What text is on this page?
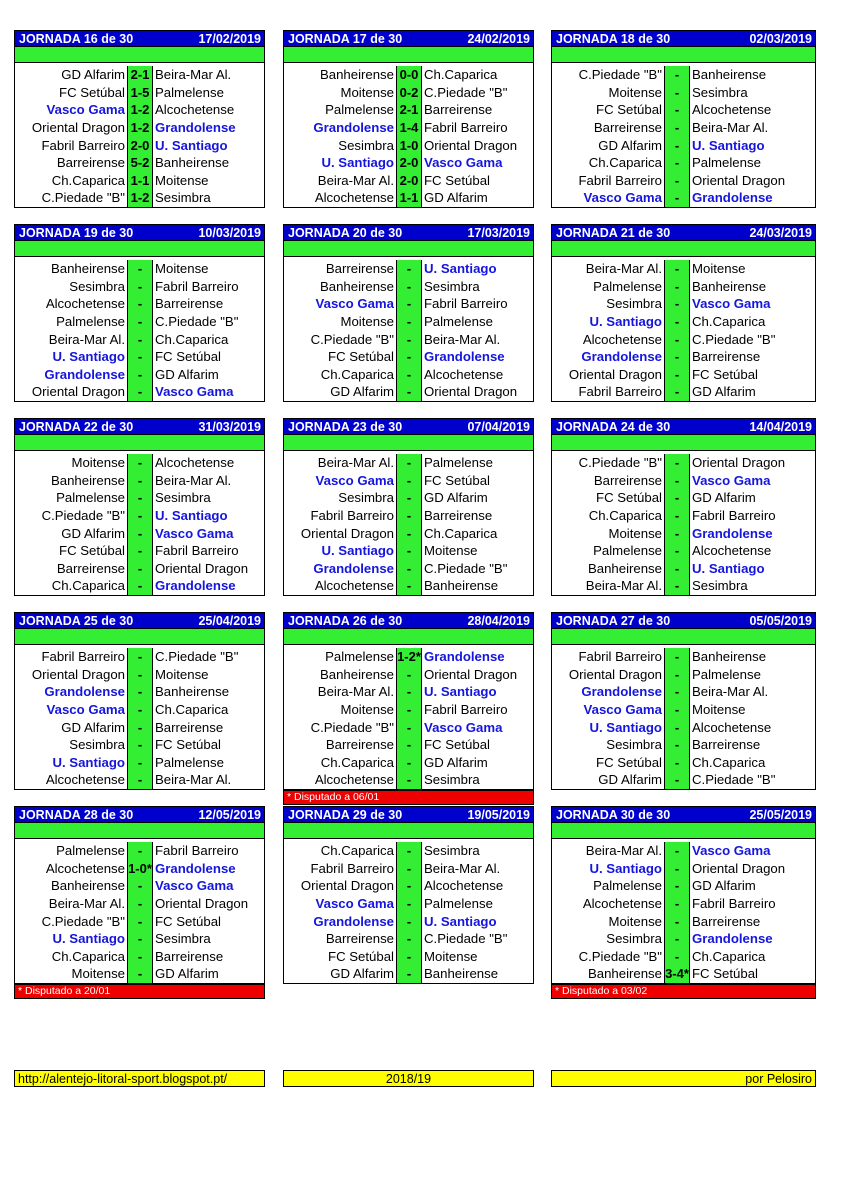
JORNADA 16 de 30	17/02/2019
GD Alfarim 2-1 Beira-Mar Al.
FC Setúbal 1-5 Palmelense
Vasco Gama 1-2 Alcochetense
Oriental Dragon 1-2 Grandolense
Fabril Barreiro 2-0 U. Santiago
Barreirense 5-2 Banheirense
Ch.Caparica 1-1 Moitense
C.Piedade "B" 1-2 Sesimbra
JORNADA 17 de 30	24/02/2019
Banheirense 0-0 Ch.Caparica
Moitense 0-2 C.Piedade "B"
Palmelense 2-1 Barreirense
Grandolense 1-4 Fabril Barreiro
Sesimbra 1-0 Oriental Dragon
U. Santiago 2-0 Vasco Gama
Beira-Mar Al. 2-0 FC Setúbal
Alcochetense 1-1 GD Alfarim
JORNADA 18 de 30	02/03/2019
C.Piedade "B" - Banheirense
Moitense - Sesimbra
FC Setúbal - Alcochetense
Barreirense - Beira-Mar Al.
GD Alfarim - U. Santiago
Ch.Caparica - Palmelense
Fabril Barreiro - Oriental Dragon
Vasco Gama - Grandolense
JORNADA 19 de 30	10/03/2019
Banheirense - Moitense
Sesimbra - Fabril Barreiro
Alcochetense - Barreirense
Palmelense - C.Piedade "B"
Beira-Mar Al. - Ch.Caparica
U. Santiago - FC Setúbal
Grandolense - GD Alfarim
Oriental Dragon - Vasco Gama
JORNADA 20 de 30	17/03/2019
Barreirense - U. Santiago
Banheirense - Sesimbra
Vasco Gama - Fabril Barreiro
Moitense - Palmelense
C.Piedade "B" - Beira-Mar Al.
FC Setúbal - Grandolense
Ch.Caparica - Alcochetense
GD Alfarim - Oriental Dragon
JORNADA 21 de 30	24/03/2019
Beira-Mar Al. - Moitense
Palmelense - Banheirense
Sesimbra - Vasco Gama
U. Santiago - Ch.Caparica
Alcochetense - C.Piedade "B"
Grandolense - Barreirense
Oriental Dragon - FC Setúbal
Fabril Barreiro - GD Alfarim
JORNADA 22 de 30	31/03/2019
Moitense - Alcochetense
Banheirense - Beira-Mar Al.
Palmelense - Sesimbra
C.Piedade "B" - U. Santiago
GD Alfarim - Vasco Gama
FC Setúbal - Fabril Barreiro
Barreirense - Oriental Dragon
Ch.Caparica - Grandolense
JORNADA 23 de 30	07/04/2019
Beira-Mar Al. - Palmelense
Vasco Gama - FC Setúbal
Sesimbra - GD Alfarim
Fabril Barreiro - Barreirense
Oriental Dragon - Ch.Caparica
U. Santiago - Moitense
Grandolense - C.Piedade "B"
Alcochetense - Banheirense
JORNADA 24 de 30	14/04/2019
C.Piedade "B" - Oriental Dragon
Barreirense - Vasco Gama
FC Setúbal - GD Alfarim
Ch.Caparica - Fabril Barreiro
Moitense - Grandolense
Palmelense - Alcochetense
Banheirense - U. Santiago
Beira-Mar Al. - Sesimbra
JORNADA 25 de 30	25/04/2019
Fabril Barreiro - C.Piedade "B"
Oriental Dragon - Moitense
Grandolense - Banheirense
Vasco Gama - Ch.Caparica
GD Alfarim - Barreirense
Sesimbra - FC Setúbal
U. Santiago - Palmelense
Alcochetense - Beira-Mar Al.
JORNADA 26 de 30	28/04/2019
Palmelense 1-2* Grandolense
Banheirense - Oriental Dragon
Beira-Mar Al. - U. Santiago
Moitense - Fabril Barreiro
C.Piedade "B" - Vasco Gama
Barreirense - FC Setúbal
Ch.Caparica - GD Alfarim
Alcochetense - Sesimbra
* Disputado a 06/01
JORNADA 27 de 30	05/05/2019
Fabril Barreiro - Banheirense
Oriental Dragon - Palmelense
Grandolense - Beira-Mar Al.
Vasco Gama - Moitense
U. Santiago - Alcochetense
Sesimbra - Barreirense
FC Setúbal - Ch.Caparica
GD Alfarim - C.Piedade "B"
JORNADA 28 de 30	12/05/2019
Palmelense - Fabril Barreiro
Alcochetense 1-0* Grandolense
Banheirense - Vasco Gama
Beira-Mar Al. - Oriental Dragon
C.Piedade "B" - FC Setúbal
U. Santiago - Sesimbra
Ch.Caparica - Barreirense
Moitense - GD Alfarim
* Disputado a 20/01
JORNADA 29 de 30	19/05/2019
Ch.Caparica - Sesimbra
Fabril Barreiro - Beira-Mar Al.
Oriental Dragon - Alcochetense
Vasco Gama - Palmelense
Grandolense - U. Santiago
Barreirense - C.Piedade "B"
FC Setúbal - Moitense
GD Alfarim - Banheirense
JORNADA 30 de 30	25/05/2019
Beira-Mar Al. - Vasco Gama
U. Santiago - Oriental Dragon
Palmelense - GD Alfarim
Alcochetense - Fabril Barreiro
Moitense - Barreirense
Sesimbra - Grandolense
C.Piedade "B" - Ch.Caparica
Banheirense 3-4* FC Setúbal
* Disputado a 03/02
http://alentejo-litoral-sport.blogspot.pt/	2018/19	por Pelosiro
